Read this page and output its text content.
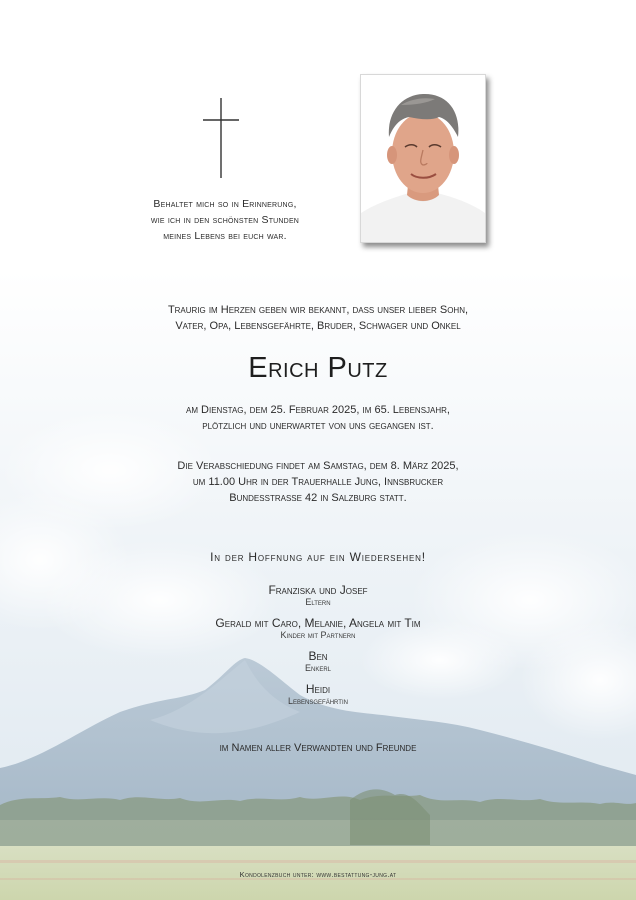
Behaltet mich so in Erinnerung,
wie ich in den schönsten Stunden
meines Lebens bei euch war.
Traurig im Herzen geben wir bekannt, dass unser lieber Sohn,
Vater, Opa, Lebensgefährte, Bruder, Schwager und Onkel
Erich Putz
am Dienstag, dem 25. Februar 2025, im 65. Lebensjahr,
plötzlich und unerwartet von uns gegangen ist.
Die Verabschiedung findet am Samstag, dem 8. März 2025,
um 11.00 Uhr in der Trauerhalle Jung, Innsbrucker
Bundesstrasse 42 in Salzburg statt.
In der Hoffnung auf ein Wiedersehen!
Franziska und Josef
Eltern
Gerald mit Caro, Melanie, Angela mit Tim
Kinder mit Partnern
Ben
Enkerl
Heidi
Lebensgefährtin
im Namen aller Verwandten und Freunde
Kondolenzbuch unter: www.bestattung-jung.at
